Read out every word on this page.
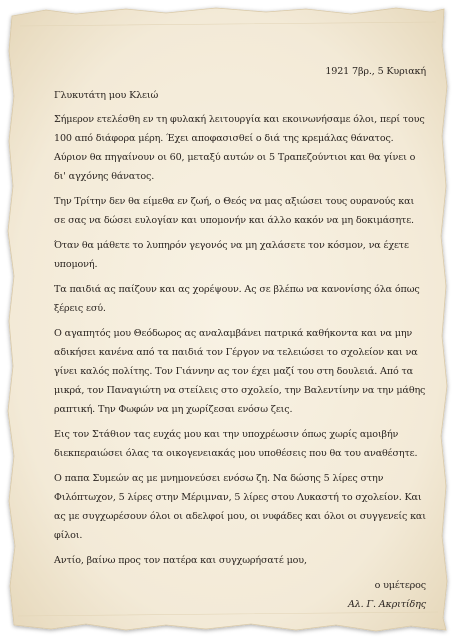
1921 7βρ., 5 Κυριακή
Γλυκυτάτη μου Κλειώ

Σήμερον ετελέσθη εν τη φυλακή λειτουργία και εκοινωνήσαμε όλοι, περί τους 100 από διάφορα μέρη. Έχει αποφασισθεί ο διά της κρεμάλας θάνατος. Αύριον θα πηγαίνουν οι 60, μεταξύ αυτών οι 5 Τραπεζούντιοι και θα γίνει ο δι' αγχόνης θάνατος.

Την Τρίτην δεν θα είμεθα εν ζωή, ο Θεός να μας αξιώσει τους ουρανούς και σε σας να δώσει ευλογίαν και υπομονήν και άλλο κακόν να μη δοκιμάσητε.

Όταν θα μάθετε το λυπηρόν γεγονός να μη χαλάσετε τον κόσμον, να έχετε υπομονή.

Τα παιδιά ας παίζουν και ας χορέψουν. Ας σε βλέπω να κανονίσης όλα όπως ξέρεις εσύ.

Ο αγαπητός μου Θεόδωρος ας αναλαμβάνει πατρικά καθήκοντα και να μην αδικήσει κανένα από τα παιδιά τον Γέργον να τελειώσει το σχολείον και να γίνει καλός πολίτης. Τον Γιάννην ας τον έχει μαζί του στη δουλειά. Από τα μικρά, τον Παναγιώτη να στείλεις στο σχολείο, την Βαλεντίνην να την μάθης ραπτική. Την Φωφών να μη χωρίζεσαι ενόσω ζεις.

Εις τον Στάθιον τας ευχάς μου και την υποχρέωσιν όπως χωρίς αμοιβήν διεκπεραιώσει όλας τα οικογενειακάς μου υποθέσεις που θα του αναθέσητε.

Ο παπα Συμεών ας με μνημονεύσει ενόσω ζη. Να δώσης 5 λίρες στην Φιλόπτωχον, 5 λίρες στην Μέριμναν, 5 λίρες στου Λυκαστή το σχολείον. Και ας με συγχωρέσουν όλοι οι αδελφοί μου, οι νυφάδες και όλοι οι συγγενείς και φίλοι.

Αντίο, βαίνω προς τον πατέρα και συγχωρήσατέ μου,

ο υμέτερος
Αλ. Γ. Ακριτίδης
